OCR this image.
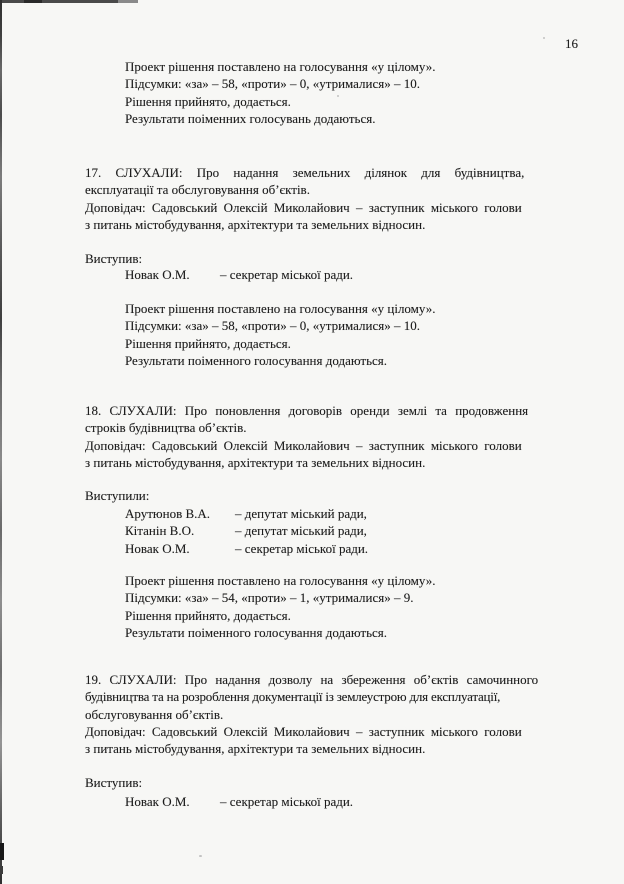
16
Проект рішення поставлено на голосування «у цілому».
Підсумки: «за» – 58, «проти» – 0, «утрималися» – 10.
Рішення прийнято, додається.
Результати поіменних голосувань додаються.
17. СЛУХАЛИ: Про надання земельних ділянок для будівництва,
експлуатації та обслуговування об’єктів.
Доповідач: Садовський Олексій Миколайович – заступник міського голови
з питань містобудування, архітектури та земельних відносин.
Виступив:
Новак О.М.	– секретар міської ради.
Проект рішення поставлено на голосування «у цілому».
Підсумки: «за» – 58, «проти» – 0, «утрималися» – 10.
Рішення прийнято, додається.
Результати поіменного голосування додаються.
18. СЛУХАЛИ: Про поновлення договорів оренди землі та продовження
строків будівництва об’єктів.
Доповідач: Садовський Олексій Миколайович – заступник міського голови
з питань містобудування, архітектури та земельних відносин.
Виступили:
Арутюнов В.А.	– депутат міський ради,
Кітанін В.О.	– депутат міський ради,
Новак О.М.	– секретар міської ради.
Проект рішення поставлено на голосування «у цілому».
Підсумки: «за» – 54, «проти» – 1, «утрималися» – 9.
Рішення прийнято, додається.
Результати поіменного голосування додаються.
19. СЛУХАЛИ: Про надання дозволу на збереження об’єктів самочинного
будівництва та на розроблення документації із землеустрою для експлуатації,
обслуговування об’єктів.
Доповідач: Садовський Олексій Миколайович – заступник міського голови
з питань містобудування, архітектури та земельних відносин.
Виступив:
Новак О.М.	– секретар міської ради.
